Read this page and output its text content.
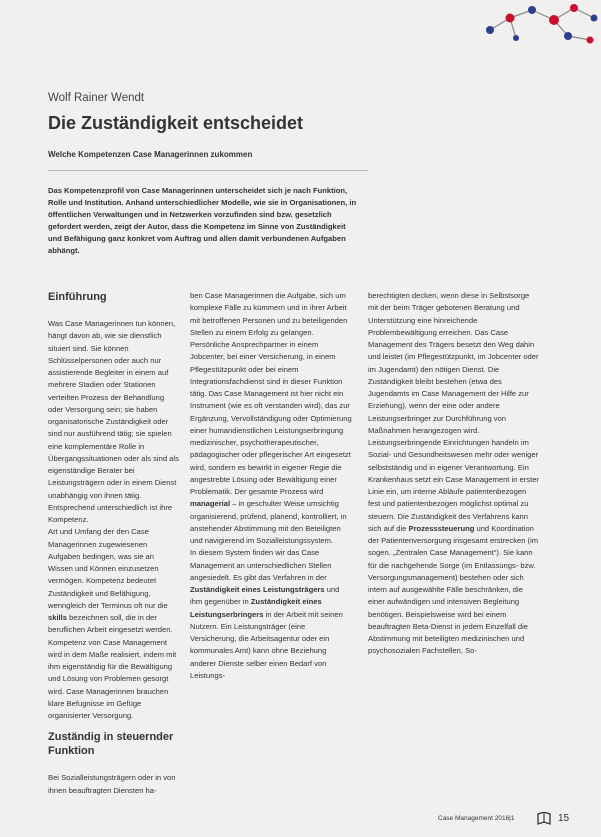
Wolf Rainer Wendt
Die Zuständigkeit entscheidet
Welche Kompetenzen Case Managerinnen zukommen

Das Kompetenzprofil von Case Managerinnen unterscheidet sich je nach Funktion, Rolle und Institution. Anhand unterschiedlicher Modelle, wie sie in Organisationen, in öffentlichen Verwaltungen und in Netzwerken vorzufinden sind bzw. gesetzlich gefordert werden, zeigt der Autor, dass die Kompetenz im Sinne von Zuständigkeit und Befähigung ganz konkret vom Auftrag und allen damit verbundenen Aufgaben abhängt.

Einführung

Was Case Managerinnen tun können, hängt davon ab, wie sie dienstlich situiert sind. Sie können Schlüsselpersonen oder auch nur assistierende Begleiter in einem auf mehrere Stadien oder Stationen verteilten Prozess der Behandlung oder Versorgung sein; sie haben organisatorische Zuständigkeit oder sind nur ausführend tätig; sie spielen eine komplementäre Rolle in Übergangssituationen oder als sind als eigenständige Berater bei Leistungsträgern oder in einem Dienst unabhängig von ihnen tätig. Entsprechend unterschiedlich ist ihre Kompetenz.

Art und Umfang der den Case Managerinnen zugewiesenen Aufgaben bedingen, was sie an Wissen und Können einzusetzen vermögen. Kompetenz bedeutet Zuständigkeit und Befähigung, wenngleich der Terminus oft nur die skills bezeichnen soll, die in der beruflichen Arbeit eingesetzt werden. Kompetenz von Case Management wird in dem Maße realisiert, indem mit ihm eigenständig für die Bewältigung und Lösung von Problemen gesorgt wird. Case Managerinnen brauchen klare Befugnisse im Gefüge organisierter Versorgung.

Zuständig in steuernder Funktion

Bei Sozialleistungsträgern oder in von ihnen beauftragten Diensten ha-

ben Case Managerinnen die Aufgabe, sich um komplexe Fälle zu kümmern und in ihrer Arbeit mit betroffenen Personen und zu beteiligenden Stellen zu einem Erfolg zu gelangen. Persönliche Ansprechpartner in einem Jobcenter, bei einer Versicherung, in einem Pflegestützpunkt oder bei einem Integrationsfachdienst sind in dieser Funktion tätig. Das Case Management ist hier nicht ein Instrument (wie es oft verstanden wird), das zur Ergänzung, Vervollständigung oder Optimierung einer humandienstlichen Leistungserbringung medizinischer, psychotherapeutischer, pädagogischer oder pflegerischer Art eingesetzt wird, sondern es bewirkt in eigener Regie die angestrebte Lösung oder Bewältigung einer Problematik. Der gesamte Prozess wird managerial – in geschulter Weise umsichtig organisierend, prüfend, planend, kontrolliert, in anstehender Abstimmung mit den Beteiligten und navigierend im Sozialleistungssystem.

In diesem System finden wir das Case Management an unterschiedlichen Stellen angesiedelt. Es gibt das Verfahren in der Zuständigkeit eines Leistungsträgers und ihm gegenüber in Zuständigkeit eines Leistungserbringers in der Arbeit mit seinen Nutzern. Ein Leistungsträger (eine Versicherung, die Arbeitsagentur oder ein kommunales Amt) kann ohne Beziehung anderer Dienste selber einen Bedarf von Leistungs-

berechtigten decken, wenn diese in Selbstsorge mit der beim Träger gebotenen Beratung und Unterstützung eine hinreichende Problembewältigung erreichen. Das Case Management des Trägers besetzt den Weg dahin und leistet (im Pflegestützpunkt, im Jobcenter oder im Jugendamt) den nötigen Dienst. Die Zuständigkeit bleibt bestehen (etwa des Jugendamts im Case Management der Hilfe zur Erziehung), wenn der eine oder andere Leistungserbringer zur Durchführung von Maßnahmen herangezogen wird.

Leistungserbringende Einrichtungen handeln im Sozial- und Gesundheitswesen mehr oder weniger selbstständig und in eigener Verantwortung. Ein Krankenhaus setzt ein Case Management in erster Linie ein, um interne Abläufe patientenbezogen fest und patientenbezogen möglichst optimal zu steuern. Die Zuständigkeit des Verfahrens kann sich auf die Prozesssteuerung und Koordination der Patientenversorgung insgesamt erstrecken (im sogen. „Zentralen Case Management“). Sie kann für die nachgehende Sorge (im Entlassungs- bzw. Versorgungsmanagement) bestehen oder sich intern auf ausgewählte Fälle beschränken, die einer aufwändigen und intensiven Begleitung benötigen. Beispielsweise wird bei einem beauftragten Beta-Dienst in jedem Einzelfall die Abstimmung mit beteiligten medizinischen und psychosozialen Fachstellen, So-

Case Management 2016|1	15
